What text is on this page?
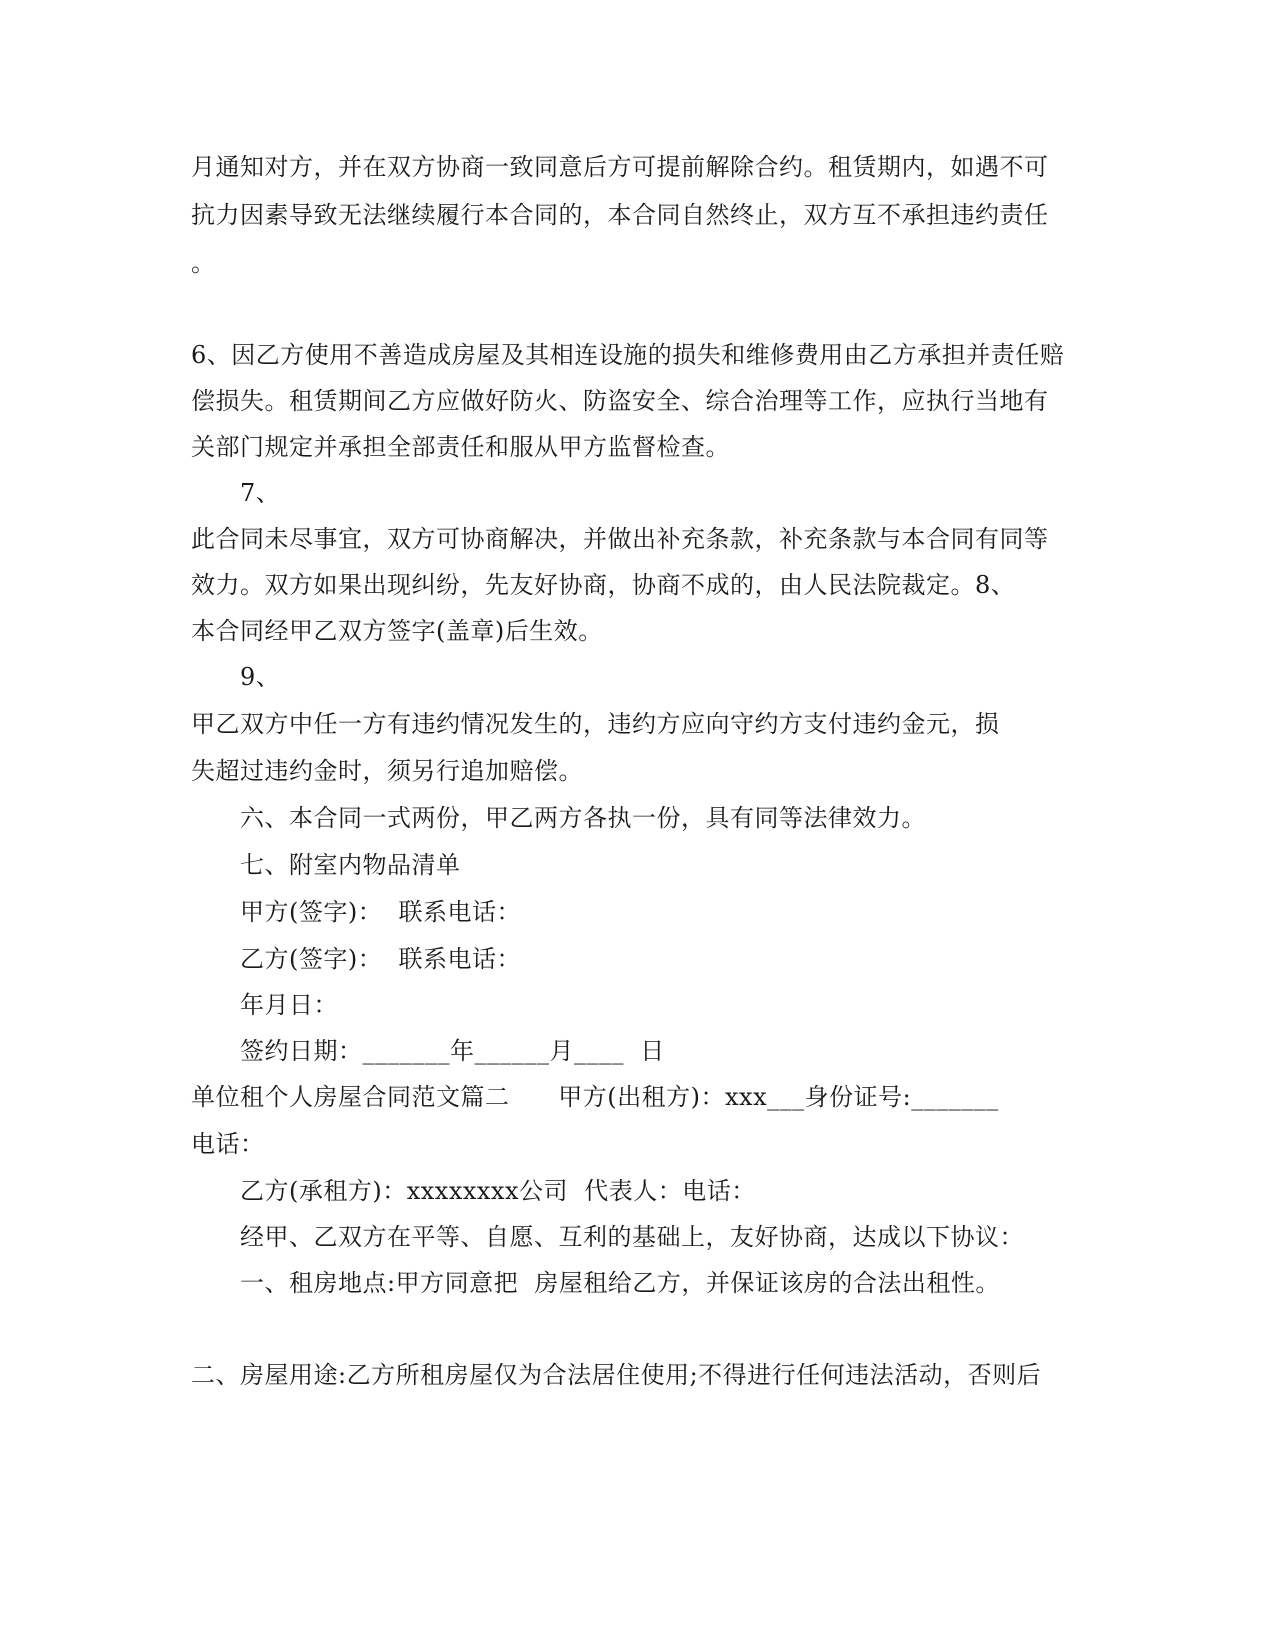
月通知对方，并在双方协商一致同意后方可提前解除合约。租赁期内，如遇不可
抗力因素导致无法继续履行本合同的，本合同自然终止，双方互不承担违约责任
。
6、因乙方使用不善造成房屋及其相连设施的损失和维修费用由乙方承担并责任赔
偿损失。租赁期间乙方应做好防火、防盗安全、综合治理等工作，应执行当地有
关部门规定并承担全部责任和服从甲方监督检查。
7、
此合同未尽事宜，双方可协商解决，并做出补充条款，补充条款与本合同有同等
效力。双方如果出现纠纷，先友好协商，协商不成的，由人民法院裁定。8、
本合同经甲乙双方签字(盖章)后生效。
9、
甲乙双方中任一方有违约情况发生的，违约方应向守约方支付违约金元，损
失超过违约金时，须另行追加赔偿。
六、本合同一式两份，甲乙两方各执一份，具有同等法律效力。
七、附室内物品清单
甲方(签字)：  联系电话：
乙方(签字)：  联系电话：
年月日：
签约日期：_______年______月____  日
单位租个人房屋合同范文篇二      甲方(出租方)：xxx___身份证号:_______
电话：
乙方(承租方)：xxxxxxxx公司  代表人：电话：
经甲、乙双方在平等、自愿、互利的基础上，友好协商，达成以下协议：
一、租房地点:甲方同意把  房屋租给乙方，并保证该房的合法出租性。
二、房屋用途:乙方所租房屋仅为合法居住使用;不得进行任何违法活动，否则后
